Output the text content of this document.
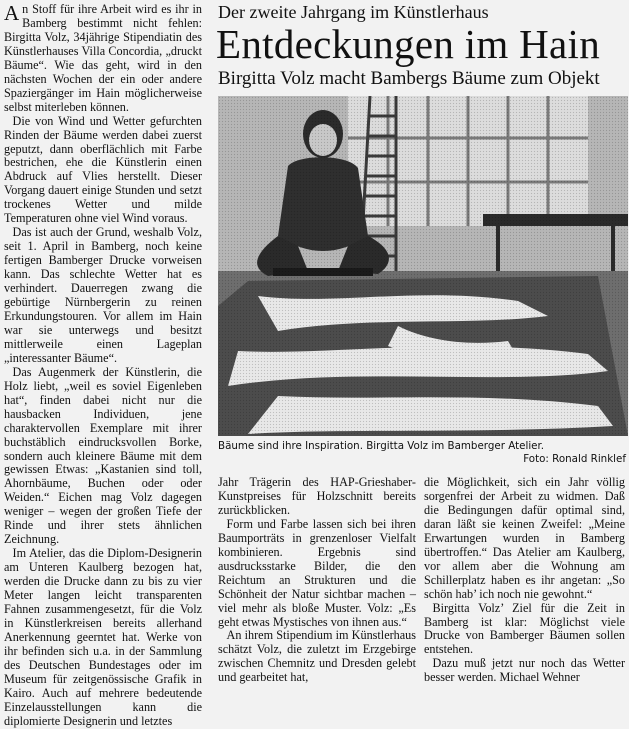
Der zweite Jahrgang im Künstlerhaus
Entdeckungen im Hain
Birgitta Volz macht Bambergs Bäume zum Objekt

An Stoff für ihre Arbeit wird es ihr in Bamberg bestimmt nicht fehlen: Birgitta Volz, 34jährige Stipendiatin des Künstlerhauses Villa Concordia, „druckt Bäume“. Wie das geht, wird in den nächsten Wochen der ein oder andere Spaziergänger im Hain möglicherweise selbst miterleben können.

Die von Wind und Wetter gefurchten Rinden der Bäume werden dabei zuerst geputzt, dann oberflächlich mit Farbe bestrichen, ehe die Künstlerin einen Abdruck auf Vlies herstellt. Dieser Vorgang dauert einige Stunden und setzt trockenes Wetter und milde Temperaturen ohne viel Wind voraus.

Das ist auch der Grund, weshalb Volz, seit 1. April in Bamberg, noch keine fertigen Bamberger Drucke vorweisen kann. Das schlechte Wetter hat es verhindert. Dauerregen zwang die gebürtige Nürnbergerin zu reinen Erkundungstouren. Vor allem im Hain war sie unterwegs und besitzt mittlerweile einen Lageplan „interessanter Bäume“.

Das Augenmerk der Künstlerin, die Holz liebt, „weil es soviel Eigenleben hat“, finden dabei nicht nur die hausbacken Individuen, jene charaktervollen Exemplare mit ihrer buchstäblich eindrucksvollen Borke, sondern auch kleinere Bäume mit dem gewissen Etwas: „Kastanien sind toll, Ahornbäume, Buchen oder oder Weiden.“ Eichen mag Volz dagegen weniger – wegen der großen Tiefe der Rinde und ihrer stets ähnlichen Zeichnung.

Im Atelier, das die Diplom-Designerin am Unteren Kaulberg bezogen hat, werden die Drucke dann zu bis zu vier Meter langen leicht transparenten Fahnen zusammengesetzt, für die Volz in Künstlerkreisen bereits allerhand Anerkennung geerntet hat. Werke von ihr befinden sich u.a. in der Sammlung des Deutschen Bundestages oder im Museum für zeitgenössische Grafik in Kairo. Auch auf mehrere bedeutende Einzelausstellungen kann die diplomierte Designerin und letztes

Bäume sind ihre Inspiration. Birgitta Volz im Bamberger Atelier.
Foto: Ronald Rinklef

Jahr Trägerin des HAP-Grieshaber-Kunstpreises für Holzschnitt bereits zurückblicken.

Form und Farbe lassen sich bei ihren Baumporträts in grenzenloser Vielfalt kombinieren. Ergebnis sind ausdrucksstarke Bilder, die den Reichtum an Strukturen und die Schönheit der Natur sichtbar machen – viel mehr als bloße Muster. Volz: „Es geht etwas Mystisches von ihnen aus.“

An ihrem Stipendium im Künstlerhaus schätzt Volz, die zuletzt im Erzgebirge zwischen Chemnitz und Dresden gelebt und gearbeitet hat,

die Möglichkeit, sich ein Jahr völlig sorgenfrei der Arbeit zu widmen. Daß die Bedingungen dafür optimal sind, daran läßt sie keinen Zweifel: „Meine Erwartungen wurden in Bamberg übertroffen.“ Das Atelier am Kaulberg, vor allem aber die Wohnung am Schillerplatz haben es ihr angetan: „So schön hab’ ich noch nie gewohnt.“

Birgitta Volz’ Ziel für die Zeit in Bamberg ist klar: Möglichst viele Drucke von Bamberger Bäumen sollen entstehen.

Dazu muß jetzt nur noch das Wetter besser werden. Michael Wehner
